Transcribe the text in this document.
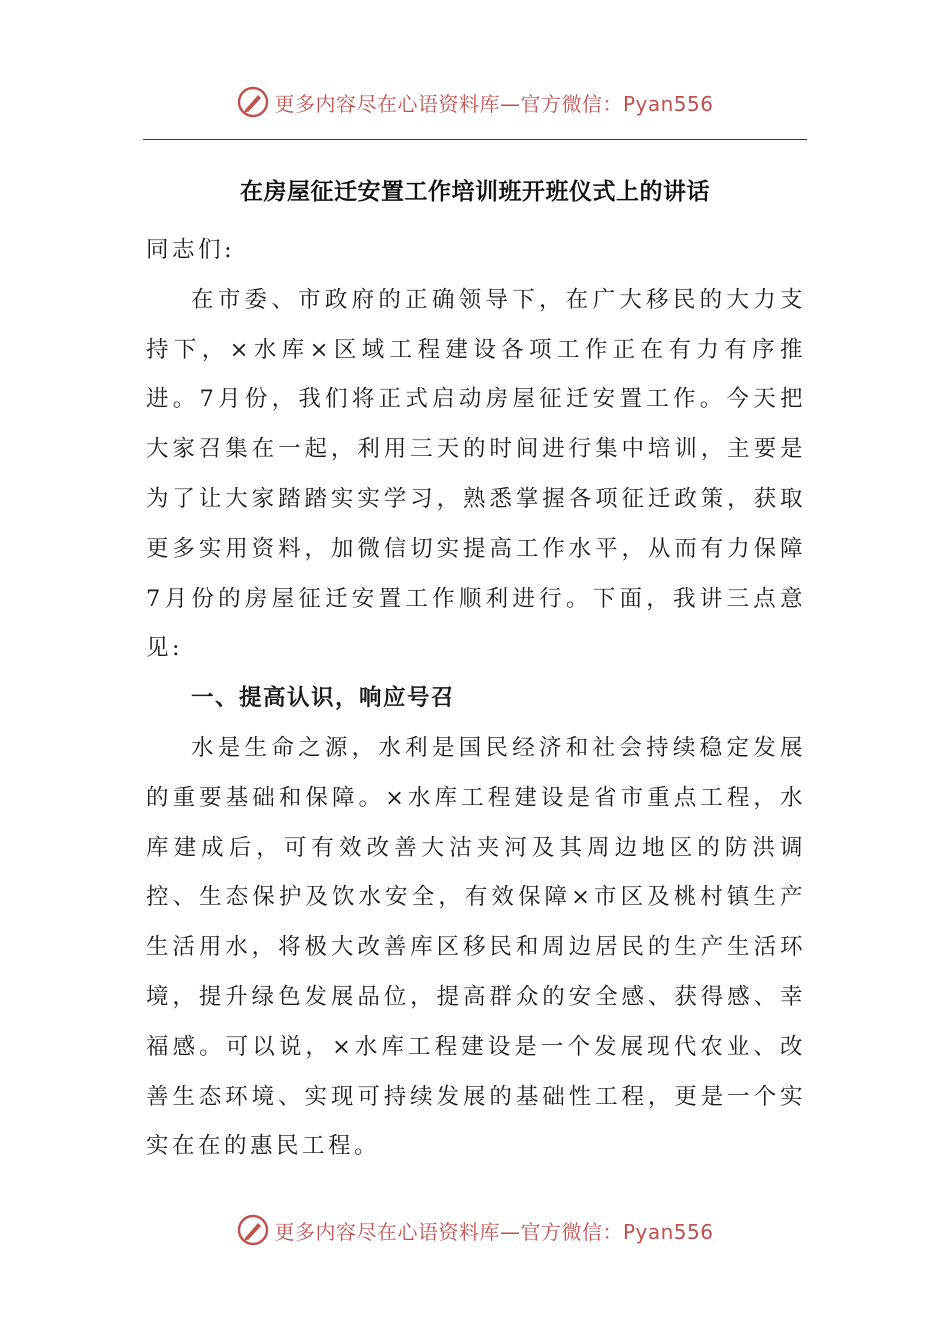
更多内容尽在心语资料库—官方微信：Pyan556
在房屋征迁安置工作培训班开班仪式上的讲话

同志们:

在市委、市政府的正确领导下，在广大移民的大力支持下，×水库×区域工程建设各项工作正在有力有序推进。7月份，我们将正式启动房屋征迁安置工作。今天把大家召集在一起，利用三天的时间进行集中培训，主要是为了让大家踏踏实实学习，熟悉掌握各项征迁政策，获取更多实用资料，加微信切实提高工作水平，从而有力保障7月份的房屋征迁安置工作顺利进行。下面，我讲三点意见:

一、提高认识，响应号召

水是生命之源，水利是国民经济和社会持续稳定发展的重要基础和保障。×水库工程建设是省市重点工程，水库建成后，可有效改善大沽夹河及其周边地区的防洪调控、生态保护及饮水安全，有效保障×市区及桃村镇生产生活用水，将极大改善库区移民和周边居民的生产生活环境，提升绿色发展品位，提高群众的安全感、获得感、幸福感。可以说，×水库工程建设是一个发展现代农业、改善生态环境、实现可持续发展的基础性工程，更是一个实实在在的惠民工程。

更多内容尽在心语资料库—官方微信：Pyan556
